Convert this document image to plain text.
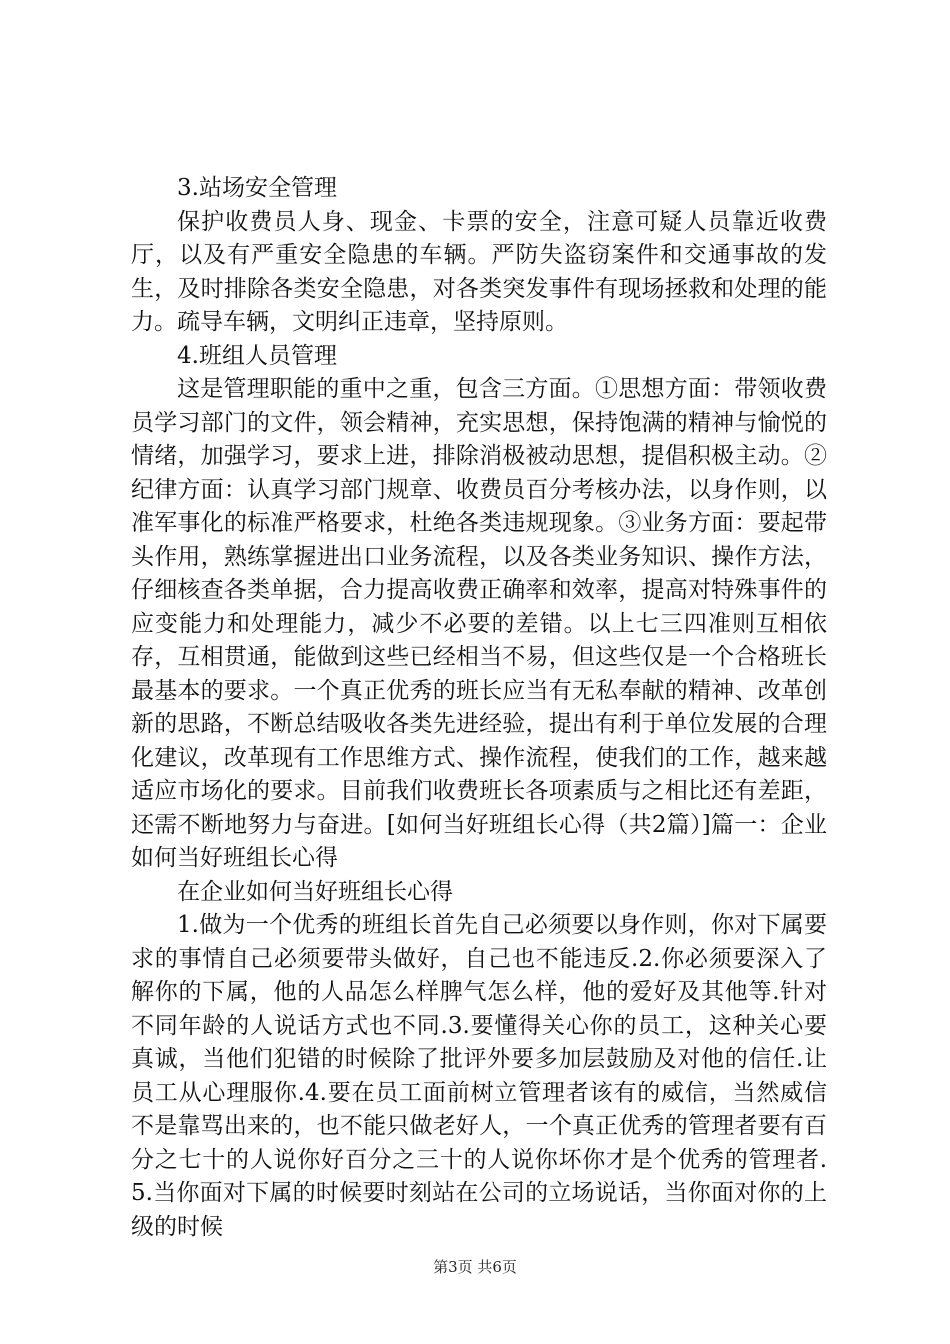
3.站场安全管理

保护收费员人身、现金、卡票的安全，注意可疑人员靠近收费厅，以及有严重安全隐患的车辆。严防失盗窃案件和交通事故的发生，及时排除各类安全隐患，对各类突发事件有现场拯救和处理的能力。疏导车辆，文明纠正违章，坚持原则。

4.班组人员管理

这是管理职能的重中之重，包含三方面。①思想方面：带领收费员学习部门的文件，领会精神，充实思想，保持饱满的精神与愉悦的情绪，加强学习，要求上进，排除消极被动思想，提倡积极主动。②纪律方面：认真学习部门规章、收费员百分考核办法，以身作则，以准军事化的标准严格要求，杜绝各类违规现象。③业务方面：要起带头作用，熟练掌握进出口业务流程，以及各类业务知识、操作方法，仔细核查各类单据，合力提高收费正确率和效率，提高对特殊事件的应变能力和处理能力，减少不必要的差错。以上七三四准则互相依存，互相贯通，能做到这些已经相当不易，但这些仅是一个合格班长最基本的要求。一个真正优秀的班长应当有无私奉献的精神、改革创新的思路，不断总结吸收各类先进经验，提出有利于单位发展的合理化建议，改革现有工作思维方式、操作流程，使我们的工作，越来越适应市场化的要求。目前我们收费班长各项素质与之相比还有差距，还需不断地努力与奋进。[如何当好班组长心得（共2篇）]篇一：企业如何当好班组长心得

在企业如何当好班组长心得

1.做为一个优秀的班组长首先自己必须要以身作则，你对下属要求的事情自己必须要带头做好，自己也不能违反.2.你必须要深入了解你的下属，他的人品怎么样脾气怎么样，他的爱好及其他等.针对不同年龄的人说话方式也不同.3.要懂得关心你的员工，这种关心要真诚，当他们犯错的时候除了批评外要多加层鼓励及对他的信任.让员工从心理服你.4.要在员工面前树立管理者该有的威信，当然威信不是靠骂出来的，也不能只做老好人，一个真正优秀的管理者要有百分之七十的人说你好百分之三十的人说你坏你才是个优秀的管理者.5.当你面对下属的时候要时刻站在公司的立场说话，当你面对你的上级的时候

第3页 共6页
